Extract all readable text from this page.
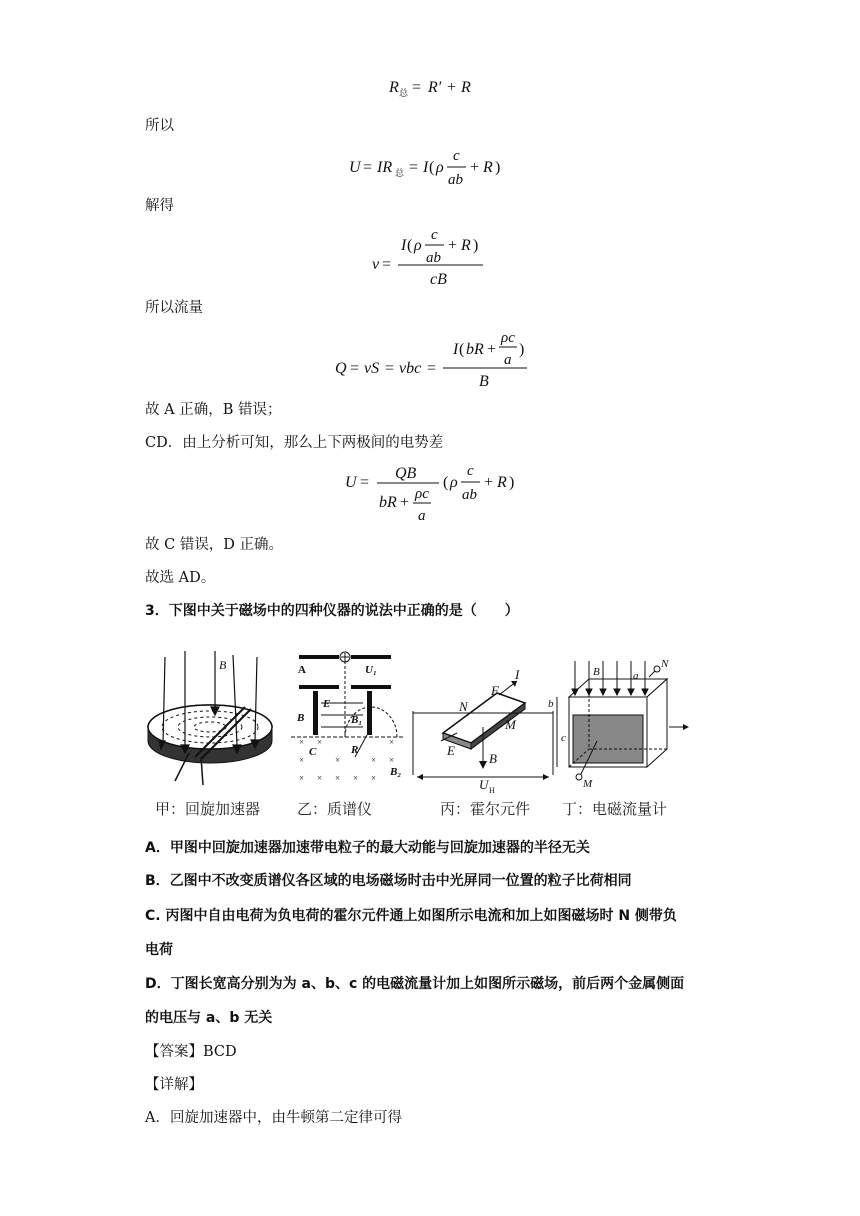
R 总 = R′ + R
所以
U = IR 总 = I ( ρ
c
ab
+ R )
解得
v =
I ( ρ
c
ab
+ R )
cB
所以流量
Q = vS = vbc =
I ( bR +
ρc
a
)
B
故 A 正确，B 错误；
CD．由上分析可知，那么上下两极间的电势差
U =
QB
bR + ρc
a
( ρ
c
ab
+ R )
故 C 错误，D 正确。
故选 AD。
3．下图中关于磁场中的四种仪器的说法中正确的是（　　）
B	A	U₁
B
E
B₁
C	R
B₂
× ×
×
× × × × ×
×	×
×
×
N
F
I
M
E
B
U H
N
B	a
b
c
M
甲：回旋加速器 乙：质谱仪	丙：霍尔元件 丁：电磁流量计
A．甲图中回旋加速器加速带电粒子的最大动能与回旋加速器的半径无关
B．乙图中不改变质谱仪各区域的电场磁场时击中光屏同一位置的粒子比荷相同
C. 丙图中自由电荷为负电荷的霍尔元件通上如图所示电流和加上如图磁场时 N 侧带负
电荷
D．丁图长宽高分别为为 a、b、c 的电磁流量计加上如图所示磁场，前后两个金属侧面
的电压与 a、b 无关
【答案】BCD
【详解】
A．回旋加速器中，由牛顿第二定律可得
